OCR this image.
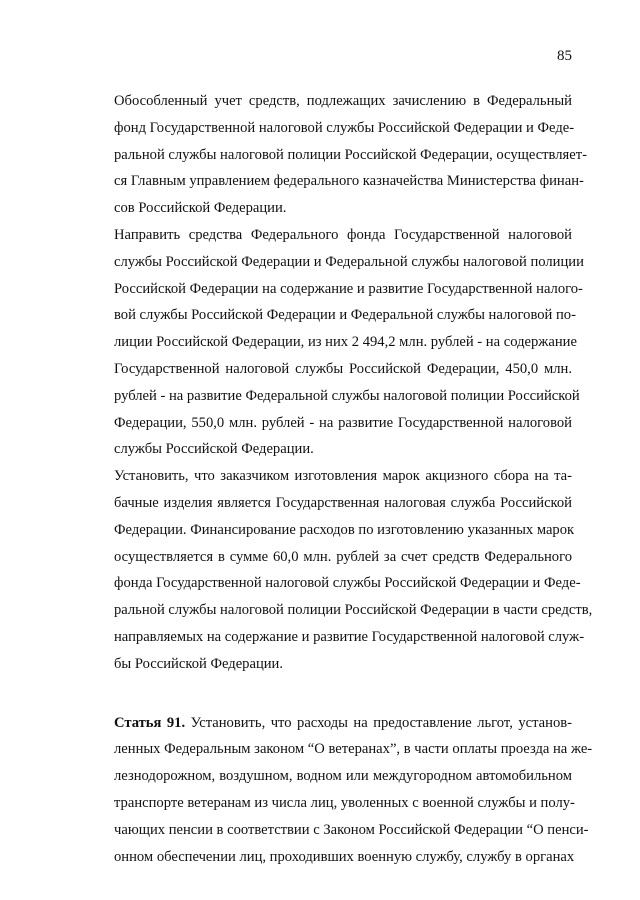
85

Обособленный учет средств, подлежащих зачислению в Федеральный
фонд Государственной налоговой службы Российской Федерации и Феде-
ральной службы налоговой полиции Российской Федерации, осуществляет-
ся Главным управлением федерального казначейства Министерства финан-
сов Российской Федерации.

Направить средства Федерального фонда Государственной налоговой
службы Российской Федерации и Федеральной службы налоговой полиции
Российской Федерации на содержание и развитие Государственной налого-
вой службы Российской Федерации и Федеральной службы налоговой по-
лиции Российской Федерации, из них 2 494,2 млн. рублей - на содержание
Государственной налоговой службы Российской Федерации, 450,0 млн.
рублей - на развитие Федеральной службы налоговой полиции Российской
Федерации, 550,0 млн. рублей - на развитие Государственной налоговой
службы Российской Федерации.

Установить, что заказчиком изготовления марок акцизного сбора на та-
бачные изделия является Государственная налоговая служба Российской
Федерации. Финансирование расходов по изготовлению указанных марок
осуществляется в сумме 60,0 млн. рублей за счет средств Федерального
фонда Государственной налоговой службы Российской Федерации и Феде-
ральной службы налоговой полиции Российской Федерации в части средств,
направляемых на содержание и развитие Государственной налоговой служ-
бы Российской Федерации.

Статья 91. Установить, что расходы на предоставление льгот, установ-
ленных Федеральным законом “О ветеранах”, в части оплаты проезда на же-
лезнодорожном, воздушном, водном или междугородном автомобильном
транспорте ветеранам из числа лиц, уволенных с военной службы и полу-
чающих пенсии в соответствии с Законом Российской Федерации “О пенси-
онном обеспечении лиц, проходивших военную службу, службу в органах
